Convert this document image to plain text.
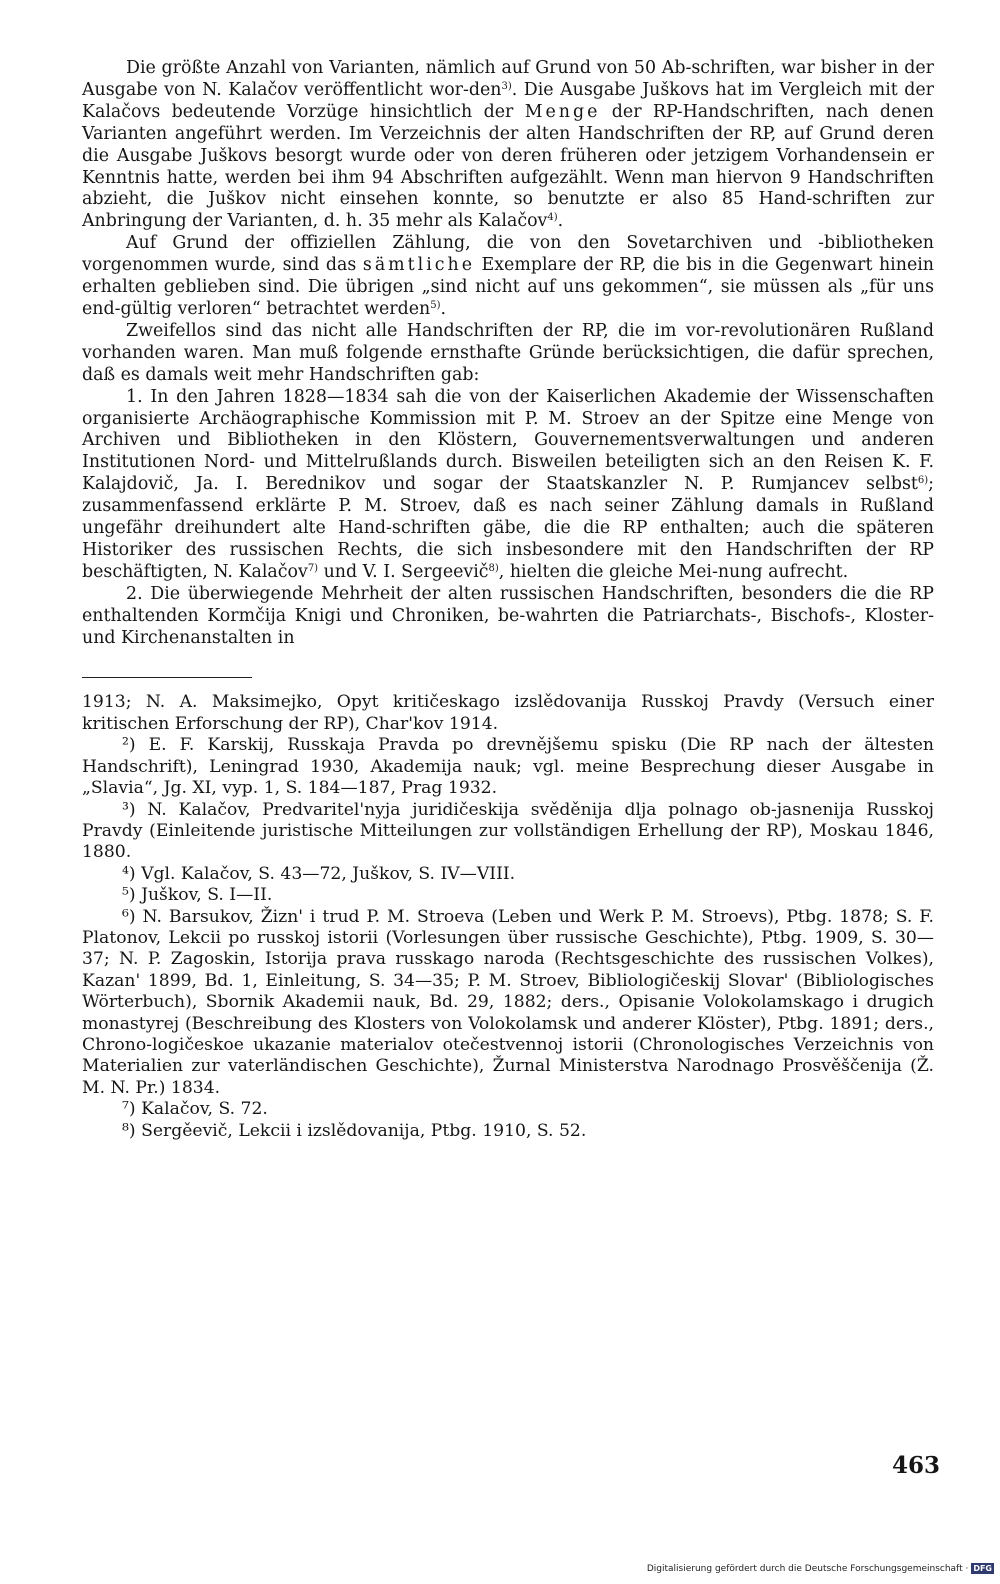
Die größte Anzahl von Varianten, nämlich auf Grund von 50 Ab-schriften, war bisher in der Ausgabe von N. Kalačov veröffentlicht wor-den$^{3)}$. Die Ausgabe Juškovs hat im Vergleich mit der Kalačovs bedeutende Vorzüge hinsichtlich der Menge der RP-Handschriften, nach denen Varianten angeführt werden. Im Verzeichnis der alten Handschriften der RP, auf Grund deren die Ausgabe Juškovs besorgt wurde oder von deren früheren oder jetzigem Vorhandensein er Kenntnis hatte, werden bei ihm 94 Abschriften aufgezählt. Wenn man hiervon 9 Handschriften abzieht, die Juškov nicht einsehen konnte, so benutzte er also 85 Hand-schriften zur Anbringung der Varianten, d. h. 35 mehr als Kalačov$^{4)}$.

Auf Grund der offiziellen Zählung, die von den Sovetarchiven und -bibliotheken vorgenommen wurde, sind das sämtliche Exemplare der RP, die bis in die Gegenwart hinein erhalten geblieben sind. Die übrigen „sind nicht auf uns gekommen“, sie müssen als „für uns end-gültig verloren“ betrachtet werden$^{5)}$.

Zweifellos sind das nicht alle Handschriften der RP, die im vor-revolutionären Rußland vorhanden waren. Man muß folgende ernsthafte Gründe berücksichtigen, die dafür sprechen, daß es damals weit mehr Handschriften gab:

1. In den Jahren 1828—1834 sah die von der Kaiserlichen Akademie der Wissenschaften organisierte Archäographische Kommission mit P. M. Stroev an der Spitze eine Menge von Archiven und Bibliotheken in den Klöstern, Gouvernementsverwaltungen und anderen Institutionen Nord- und Mittelrußlands durch. Bisweilen beteiligten sich an den Reisen K. F. Kalajdovič, Ja. I. Berednikov und sogar der Staatskanzler N. P. Rumjancev selbst$^{6)}$; zusammenfassend erklärte P. M. Stroev, daß es nach seiner Zählung damals in Rußland ungefähr dreihundert alte Hand-schriften gäbe, die die RP enthalten; auch die späteren Historiker des russischen Rechts, die sich insbesondere mit den Handschriften der RP beschäftigten, N. Kalačov$^{7)}$ und V. I. Sergeevič$^{8)}$, hielten die gleiche Mei-nung aufrecht.

2. Die überwiegende Mehrheit der alten russischen Handschriften, besonders die die RP enthaltenden Kormčija Knigi und Chroniken, be-wahrten die Patriarchats-, Bischofs-, Kloster- und Kirchenanstalten in

1913; N. A. Maksimejko, Opyt kritičeskago izslědovanija Russkoj Pravdy (Versuch einer kritischen Erforschung der RP), Char'kov 1914.

²) E. F. Karskij, Russkaja Pravda po drevnějšemu spisku (Die RP nach der ältesten Handschrift), Leningrad 1930, Akademija nauk; vgl. meine Besprechung dieser Ausgabe in „Slavia“, Jg. XI, vyp. 1, S. 184—187, Prag 1932.

³) N. Kalačov, Predvaritel'nyja juridičeskija svěděnija dlja polnago ob-jasnenija Russkoj Pravdy (Einleitende juristische Mitteilungen zur vollständigen Erhellung der RP), Moskau 1846, 1880.

⁴) Vgl. Kalačov, S. 43—72, Juškov, S. IV—VIII.

⁵) Juškov, S. I—II.

⁶) N. Barsukov, Žizn' i trud P. M. Stroeva (Leben und Werk P. M. Stroevs), Ptbg. 1878; S. F. Platonov, Lekcii po russkoj istorii (Vorlesungen über russische Geschichte), Ptbg. 1909, S. 30—37; N. P. Zagoskin, Istorija prava russkago naroda (Rechtsgeschichte des russischen Volkes), Kazan' 1899, Bd. 1, Einleitung, S. 34—35; P. M. Stroev, Bibliologičeskij Slovar' (Bibliologisches Wörterbuch), Sbornik Akademii nauk, Bd. 29, 1882; ders., Opisanie Volokolamskago i drugich monastyrej (Beschreibung des Klosters von Volokolamsk und anderer Klöster), Ptbg. 1891; ders., Chrono-logičeskoe ukazanie materialov otečestvennoj istorii (Chronologisches Verzeichnis von Materialien zur vaterländischen Geschichte), Žurnal Ministerstva Narodnago Prosvěščenija (Ž. M. N. Pr.) 1834.

⁷) Kalačov, S. 72.

⁸) Sergěevič, Lekcii i izslědovanija, Ptbg. 1910, S. 52.

463
Digitalisierung gefördert durch die Deutsche Forschungsgemeinschaft · DFG
